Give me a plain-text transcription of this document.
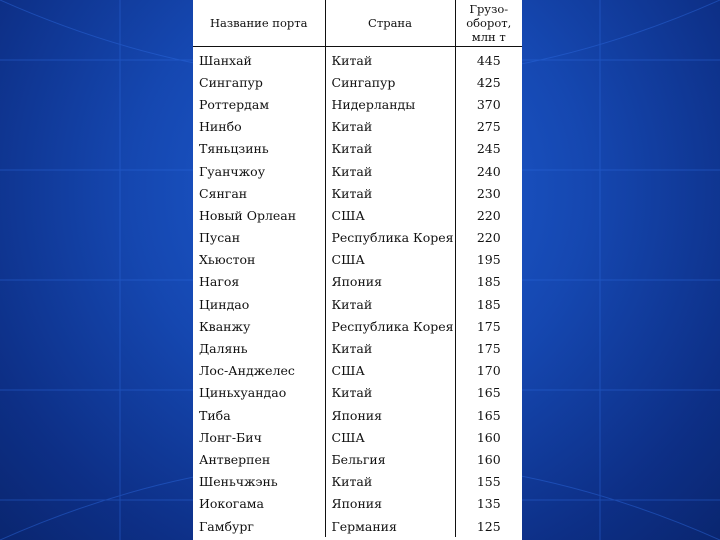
Название порта	Страна	Грузо-оборот, млн т
Шанхай	Китай	445
Сингапур	Сингапур	425
Роттердам	Нидерланды	370
Нинбо	Китай	275
Тяньцзинь	Китай	245
Гуанчжоу	Китай	240
Сянган	Китай	230
Новый Орлеан	США	220
Пусан	Республика Корея	220
Хьюстон	США	195
Нагоя	Япония	185
Циндао	Китай	185
Кванжу	Республика Корея	175
Далянь	Китай	175
Лос-Анджелес	США	170
Циньхуандао	Китай	165
Тиба	Япония	165
Лонг-Бич	США	160
Антверпен	Бельгия	160
Шеньчжэнь	Китай	155
Иокогама	Япония	135
Гамбург	Германия	125
